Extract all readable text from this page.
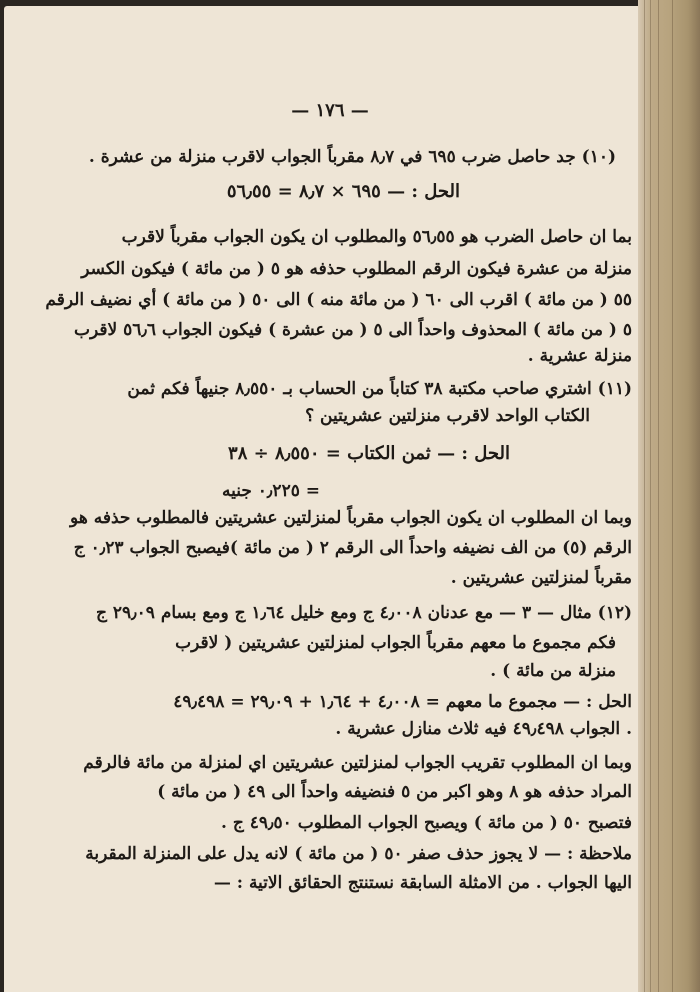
— ١٧٦ —
(١٠) جد حاصل ضرب ٦٩٥ في ٨٫٧ مقرباً الجواب لاقرب منزلة من عشرة .
الحل : — ٦٩٥ × ٨٫٧ = ٥٦٫٥٥
بما ان حاصل الضرب هو ٥٦٫٥٥ والمطلوب ان يكون الجواب مقرباً لاقرب
منزلة من عشرة فيكون الرقم المطلوب حذفه هو ٥ ( من مائة ) فيكون الكسر
٥٥ ( من مائة ) اقرب الى ٦٠ ( من مائة منه ) الى ٥٠ ( من مائة ) أي نضيف الرقم
٥ ( من مائة ) المحذوف واحداً الى ٥ ( من عشرة ) فيكون الجواب ٥٦٫٦ لاقرب
منزلة عشرية .
(١١) اشتري صاحب مكتبة ٣٨ كتاباً من الحساب بـ ٨٫٥٥٠ جنيهاً فكم ثمن
الكتاب الواحد لاقرب منزلتين عشريتين ؟
الحل : — ثمن الكتاب = ٨٫٥٥٠ ÷ ٣٨
= ٠٫٢٢٥ جنيه
وبما ان المطلوب ان يكون الجواب مقرباً لمنزلتين عشريتين فالمطلوب حذفه هو
الرقم (٥) من الف نضيفه واحداً الى الرقم ٢ ( من مائة )فيصبح الجواب ٠٫٢٣ ج
مقرباً لمنزلتين عشريتين .
(١٢) مثال — ٣ — مع عدنان ٤٫٠٠٨ ج ومع خليل ١٫٦٤ ج ومع بسام ٢٩٫٠٩ ج
فكم مجموع ما معهم مقرباً الجواب لمنزلتين عشريتين ( لاقرب
منزلة من مائة ) .
الحل : — مجموع ما معهم = ٤٫٠٠٨ + ١٫٦٤ + ٢٩٫٠٩ = ٤٩٫٤٩٨
. الجواب ٤٩٫٤٩٨ فيه ثلاث منازل عشرية .
وبما ان المطلوب تقريب الجواب لمنزلتين عشريتين اي لمنزلة من مائة فالرقم
المراد حذفه هو ٨ وهو اكبر من ٥ فنضيفه واحداً الى ٤٩ ( من مائة )
فتصبح ٥٠ ( من مائة ) ويصبح الجواب المطلوب ٤٩٫٥٠ ج .
ملاحظة : — لا يجوز حذف صفر ٥٠ ( من مائة ) لانه يدل على المنزلة المقربة
اليها الجواب . من الامثلة السابقة نستنتج الحقائق الاتية : —
